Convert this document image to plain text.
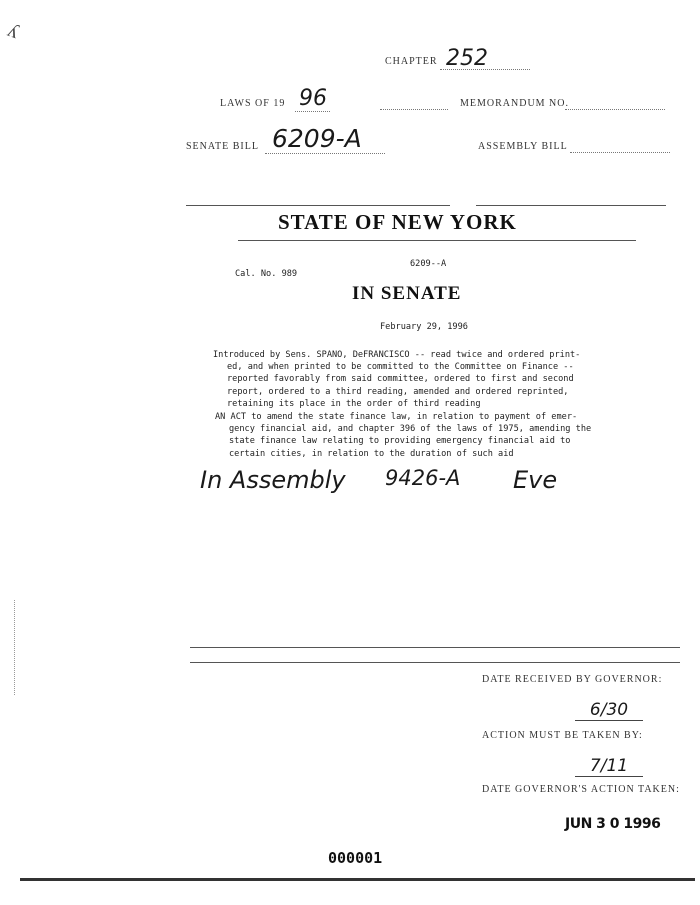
ʎ
CHAPTER 252
LAWS OF 19 96	MEMORANDUM NO.
SENATE BILL 6209-A	ASSEMBLY BILL
STATE OF NEW YORK
6209--A
Cal. No. 989
IN SENATE
February 29, 1996
Introduced by Sens. SPANO, DeFRANCISCO -- read twice and ordered print-
ed, and when printed to be committed to the Committee on Finance --
reported favorably from said committee, ordered to first and second
report, ordered to a third reading, amended and ordered reprinted,
retaining its place in the order of third reading
AN ACT to amend the state finance law, in relation to payment of emer-
gency financial aid, and chapter 396 of the laws of 1975, amending the
state finance law relating to providing emergency financial aid to
certain cities, in relation to the duration of such aid
In Assembly 9426-A Eve
DATE RECEIVED BY GOVERNOR:
6/30
ACTION MUST BE TAKEN BY:
7/11
DATE GOVERNOR'S ACTION TAKEN:
JUN 3 0 1996
000001
